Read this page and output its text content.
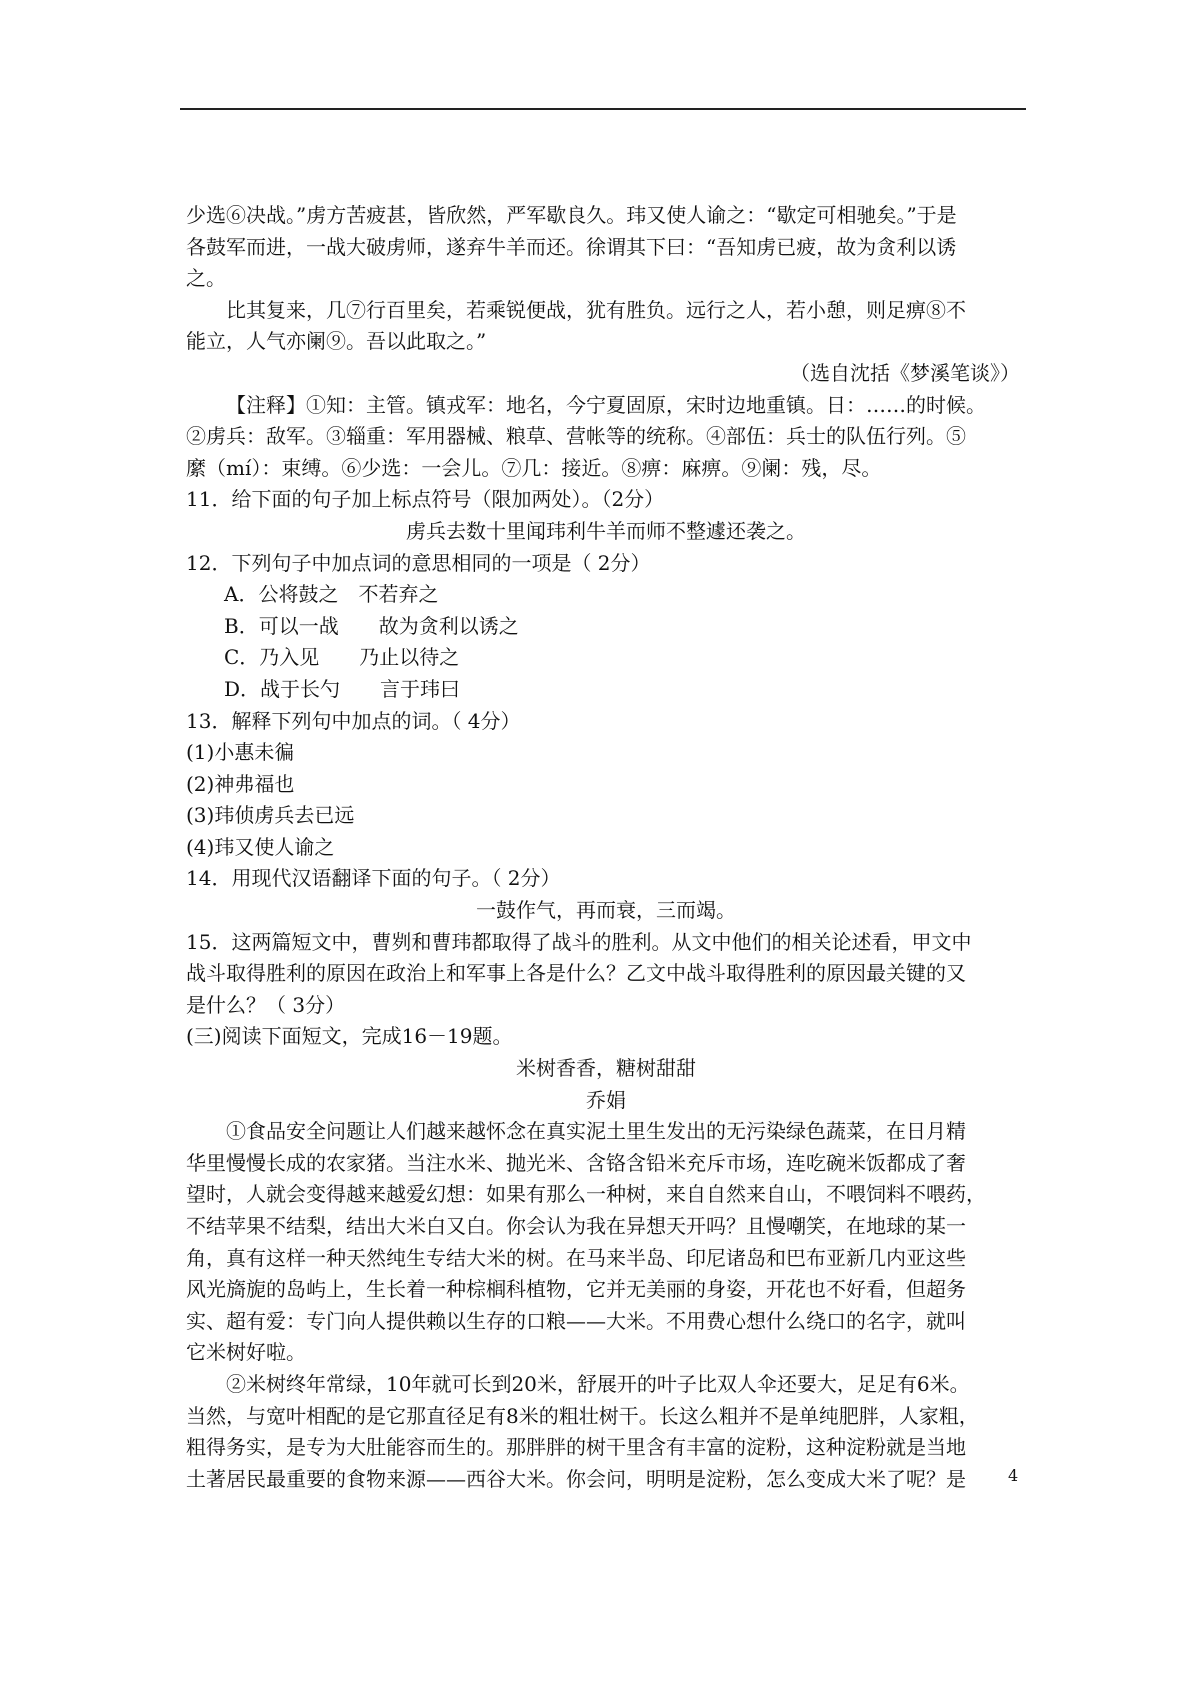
少选⑥决战。”虏方苦疲甚，皆欣然，严军歇良久。玮又使人谕之：“歇定可相驰矣。”于是

各鼓军而进，一战大破虏师，遂弃牛羊而还。徐谓其下曰：“吾知虏已疲，故为贪利以诱

之。

比其复来，几⑦行百里矣，若乘锐便战，犹有胜负。远行之人，若小憩，则足痹⑧不

能立，人气亦阑⑨。吾以此取之。”

（选自沈括《梦溪笔谈》）

【注释】①知：主管。镇戎军：地名，今宁夏固原，宋时边地重镇。日：……的时候。

②虏兵：敌军。③辎重：军用器械、粮草、营帐等的统称。④部伍：兵士的队伍行列。⑤

縻（mí）：束缚。⑥少选：一会儿。⑦几：接近。⑧痹：麻痹。⑨阑：残，尽。

11．给下面的句子加上标点符号（限加两处）。（2分）

虏兵去数十里闻玮利牛羊而师不整遽还袭之。

12．下列句子中加点词的意思相同的一项是（ 2分）

A．公将鼓之　不若弃之

B．可以一战　　故为贪利以诱之

C．乃入见　　乃止以待之

D．战于长勺　　言于玮曰

13．解释下列句中加点的词。（ 4分）

(1)小惠未徧

(2)神弗福也

(3)玮侦虏兵去已远

(4)玮又使人谕之

14．用现代汉语翻译下面的句子。（ 2分）

一鼓作气，再而衰，三而竭。

15．这两篇短文中，曹刿和曹玮都取得了战斗的胜利。从文中他们的相关论述看，甲文中

战斗取得胜利的原因在政治上和军事上各是什么？乙文中战斗取得胜利的原因最关键的又

是什么？（ 3分）

(三)阅读下面短文，完成16－19题。

米树香香，糖树甜甜

乔娟

①食品安全问题让人们越来越怀念在真实泥土里生发出的无污染绿色蔬菜，在日月精

华里慢慢长成的农家猪。当注水米、抛光米、含铬含铅米充斥市场，连吃碗米饭都成了奢

望时，人就会变得越来越爱幻想：如果有那么一种树，来自自然来自山，不喂饲料不喂药，

不结苹果不结梨，结出大米白又白。你会认为我在异想天开吗？且慢嘲笑，在地球的某一

角，真有这样一种天然纯生专结大米的树。在马来半岛、印尼诸岛和巴布亚新几内亚这些

风光旖旎的岛屿上，生长着一种棕榈科植物，它并无美丽的身姿，开花也不好看，但超务

实、超有爱：专门向人提供赖以生存的口粮——大米。不用费心想什么绕口的名字，就叫

它米树好啦。

②米树终年常绿，10年就可长到20米，舒展开的叶子比双人伞还要大，足足有6米。

当然，与宽叶相配的是它那直径足有8米的粗壮树干。长这么粗并不是单纯肥胖，人家粗，

粗得务实，是专为大肚能容而生的。那胖胖的树干里含有丰富的淀粉，这种淀粉就是当地

土著居民最重要的食物来源——西谷大米。你会问，明明是淀粉，怎么变成大米了呢？是	4
